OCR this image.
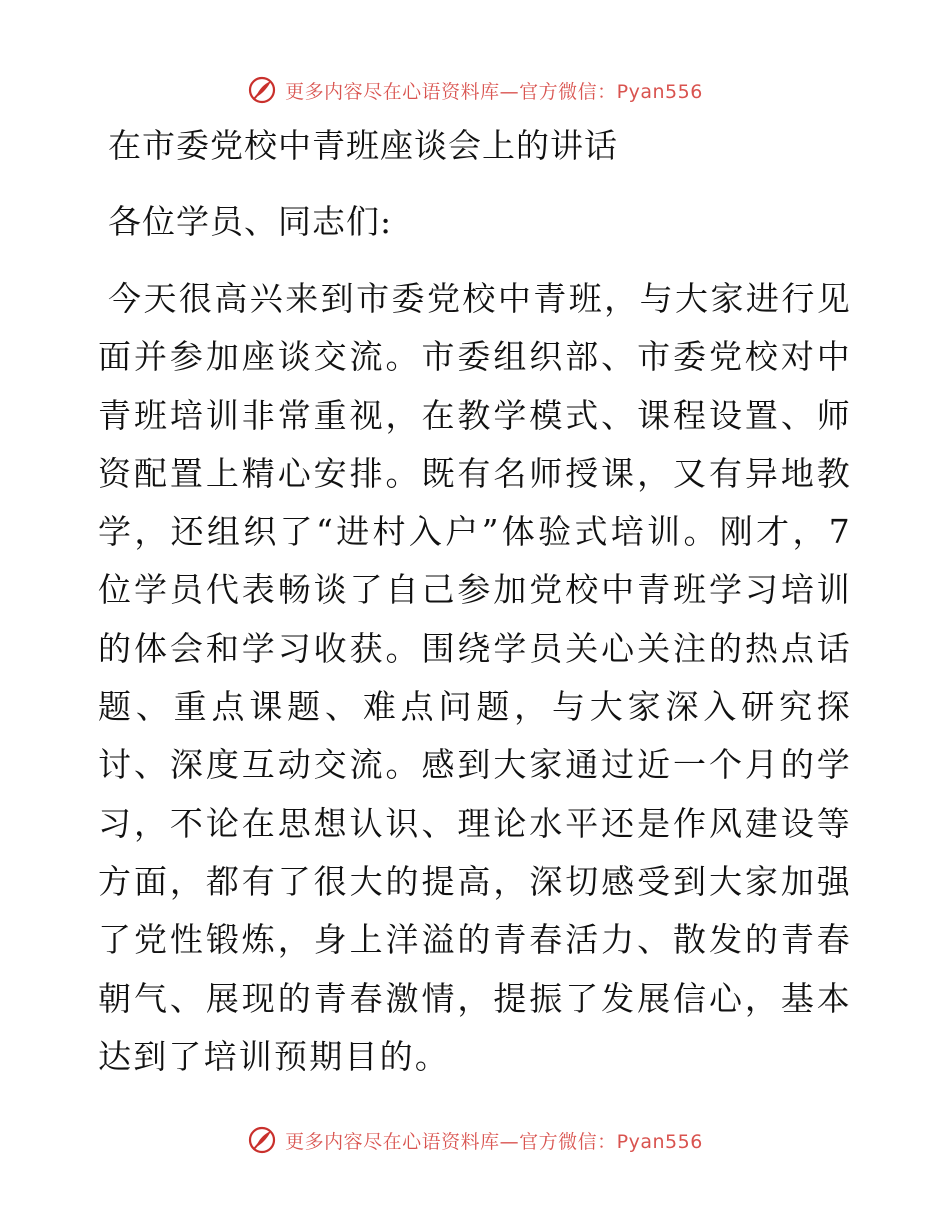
更多内容尽在心语资料库—官方微信：Pyan556
在市委党校中青班座谈会上的讲话
各位学员、同志们:

今天很高兴来到市委党校中青班，与大家进行见面并参加座谈交流。市委组织部、市委党校对中青班培训非常重视，在教学模式、课程设置、师资配置上精心安排。既有名师授课，又有异地教学，还组织了“进村入户”体验式培训。刚才，7位学员代表畅谈了自己参加党校中青班学习培训的体会和学习收获。围绕学员关心关注的热点话题、重点课题、难点问题，与大家深入研究探讨、深度互动交流。感到大家通过近一个月的学习，不论在思想认识、理论水平还是作风建设等方面，都有了很大的提高，深切感受到大家加强了党性锻炼，身上洋溢的青春活力、散发的青春朝气、展现的青春激情，提振了发展信心，基本达到了培训预期目的。

更多内容尽在心语资料库—官方微信：Pyan556
